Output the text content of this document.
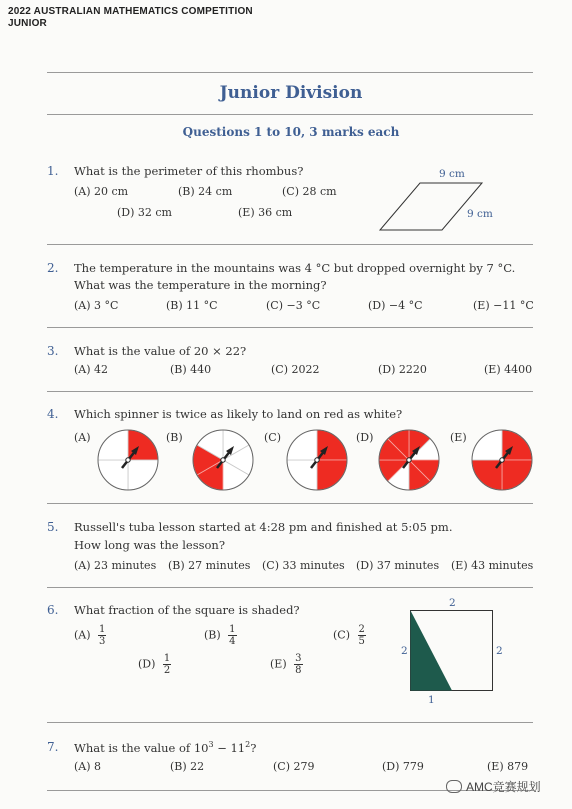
2022 AUSTRALIAN MATHEMATICS COMPETITION
JUNIOR
Junior Division
Questions 1 to 10, 3 marks each
1. What is the perimeter of this rhombus?
(A) 20 cm	(B) 24 cm	(C) 28 cm
(D) 32 cm	(E) 36 cm
9 cm
9 cm
2. The temperature in the mountains was 4 °C but dropped overnight by 7 °C.
What was the temperature in the morning?
(A) 3 °C	(B) 11 °C	(C) −3 °C	(D) −4 °C	(E) −11 °C
3. What is the value of 20 × 22?
(A) 42	(B) 440	(C) 2022	(D) 2220	(E) 4400
4. Which spinner is twice as likely to land on red as white?
(A)	(B)	(C)	(D)	(E)
5. Russell's tuba lesson started at 4:28 pm and finished at 5:05 pm.
How long was the lesson?
(A) 23 minutes (B) 27 minutes (C) 33 minutes (D) 37 minutes (E) 43 minutes
6. What fraction of the square is shaded?
$(A) \frac{1}{3}$	$(B) \frac{1}{4}$	$(C) \frac{2}{5}$
$(D) \frac{1}{2}$	$(E) \frac{3}{8}$
2
2	2
1
7. What is the value of $10^3 - 11^2$?
(A) 8	(B) 22	(C) 279	(D) 779	(E) 879
AMC竞赛规划
